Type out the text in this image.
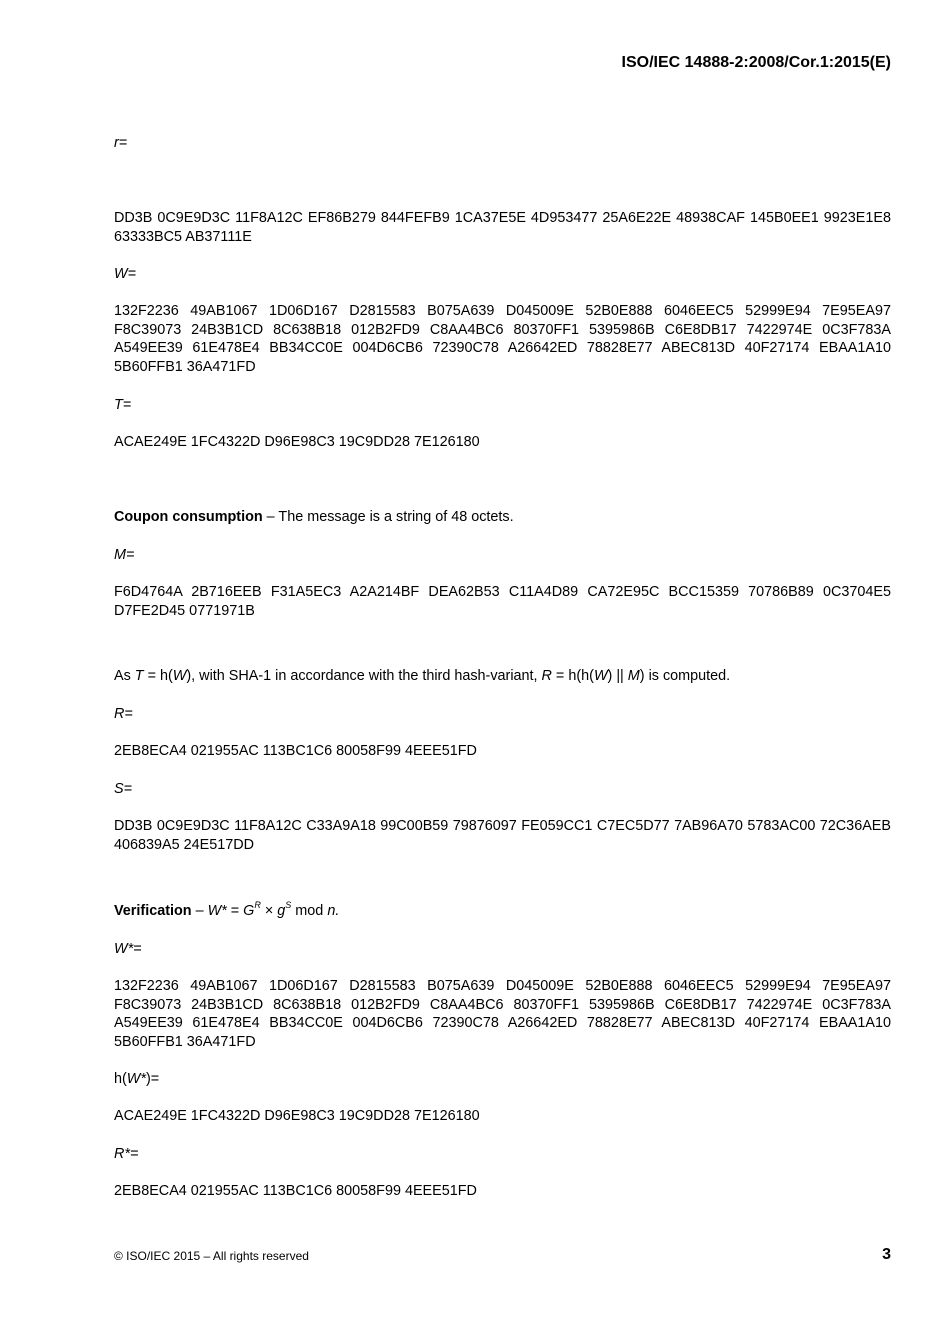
ISO/IEC 14888-2:2008/Cor.1:2015(E)
r=
DD3B 0C9E9D3C 11F8A12C EF86B279 844FEFB9 1CA37E5E 4D953477 25A6E22E 48938CAF 145B0EE1 9923E1E8 63333BC5 AB37111E
W=
132F2236 49AB1067 1D06D167 D2815583 B075A639 D045009E 52B0E888 6046EEC5 52999E94 7E95EA97 F8C39073 24B3B1CD 8C638B18 012B2FD9 C8AA4BC6 80370FF1 5395986B C6E8DB17 7422974E 0C3F783A A549EE39 61E478E4 BB34CC0E 004D6CB6 72390C78 A26642ED 78828E77 ABEC813D 40F27174 EBAA1A10 5B60FFB1 36A471FD
T=
ACAE249E 1FC4322D D96E98C3 19C9DD28 7E126180
Coupon consumption – The message is a string of 48 octets.
M=
F6D4764A 2B716EEB F31A5EC3 A2A214BF DEA62B53 C11A4D89 CA72E95C BCC15359 70786B89 0C3704E5 D7FE2D45 0771971B
As T = h(W), with SHA-1 in accordance with the third hash-variant, R = h(h(W) || M) is computed.
R=
2EB8ECA4 021955AC 113BC1C6 80058F99 4EEE51FD
S=
DD3B 0C9E9D3C 11F8A12C C33A9A18 99C00B59 79876097 FE059CC1 C7EC5D77 7AB96A70 5783AC00 72C36AEB 406839A5 24E517DD
Verification – $W* = G^R \times g^S$ mod n.
W*=
132F2236 49AB1067 1D06D167 D2815583 B075A639 D045009E 52B0E888 6046EEC5 52999E94 7E95EA97 F8C39073 24B3B1CD 8C638B18 012B2FD9 C8AA4BC6 80370FF1 5395986B C6E8DB17 7422974E 0C3F783A A549EE39 61E478E4 BB34CC0E 004D6CB6 72390C78 A26642ED 78828E77 ABEC813D 40F27174 EBAA1A10 5B60FFB1 36A471FD
h(W*)=
ACAE249E 1FC4322D D96E98C3 19C9DD28 7E126180
R*=
2EB8ECA4 021955AC 113BC1C6 80058F99 4EEE51FD
© ISO/IEC 2015 – All rights reserved	3
